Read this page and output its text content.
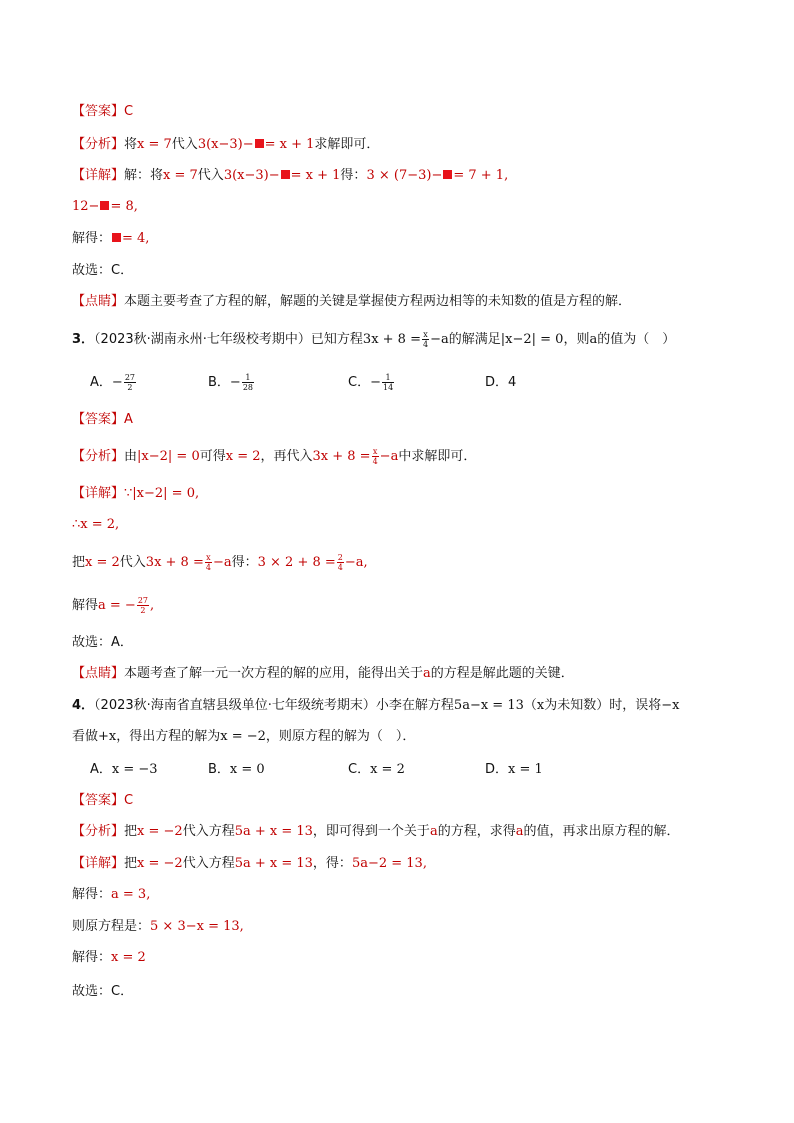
【答案】C
【分析】将x = 7代入3(x−3)− = x + 1求解即可．
【详解】解：将x = 7代入3(x−3)− = x + 1得：3 × (7−3)− = 7 + 1,
12− = 8,
解得： = 4,
故选：C．
【点睛】本题主要考查了方程的解，解题的关键是掌握使方程两边相等的未知数的值是方程的解．
3．（2023秋·湖南永州·七年级校考期中）已知方程$3x + 8 = \frac{x}{4} -a$的解满足|x−2| = 0，则a的值为（　）
A．− $\frac{27}{2}$	B．− $\frac{1}{28}$	C．− $\frac{1}{14}$	D．4
【答案】A
【分析】由|x−2| = 0可得x = 2，再代入$3x + 8 = \frac{x}{4} -a$中求解即可．
【详解】∵|x−2| = 0,
∴x = 2,
把x = 2代入$3x + 8 = \frac{x}{4} -a$得：$3 \times 2 + 8 = \frac{2}{4} -a$,
解得a = − $\frac{27}{2}$ ,
故选：A．
【点睛】本题考查了解一元一次方程的解的应用，能得出关于a的方程是解此题的关键．
4．（2023秋·海南省直辖县级单位·七年级统考期末）小李在解方程5a−x = 13（x为未知数）时，误将−x
看做+x，得出方程的解为x = −2，则原方程的解为（　）．
A．x = −3	B．x = 0	C．x = 2	D．x = 1
【答案】C
【分析】把x = −2代入方程5a + x = 13，即可得到一个关于a的方程，求得a的值，再求出原方程的解．
【详解】把x = −2代入方程5a + x = 13，得：5a−2 = 13,
解得：a = 3,
则原方程是：5 × 3−x = 13,
解得：x = 2
故选：C．
